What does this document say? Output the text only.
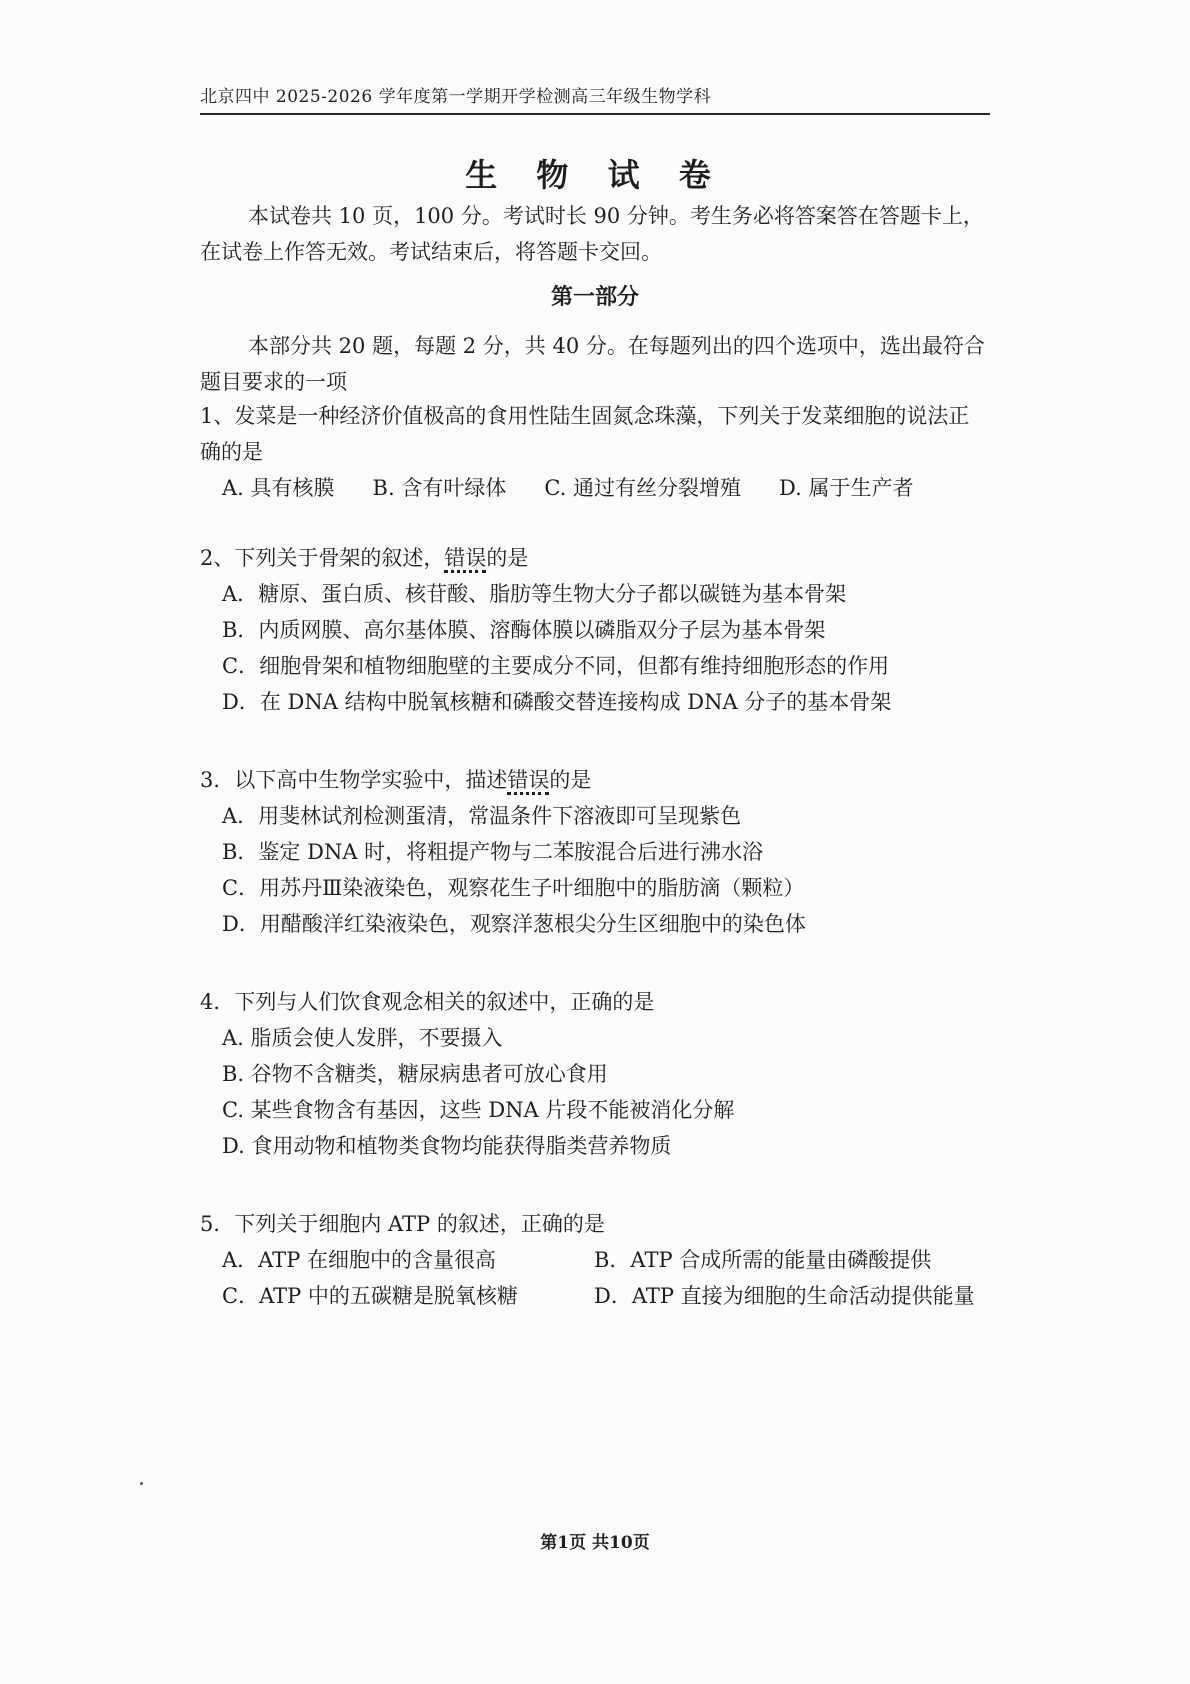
北京四中 2025-2026 学年度第一学期开学检测高三年级生物学科
生 物 试 卷
本试卷共 10 页，100 分。考试时长 90 分钟。考生务必将答案答在答题卡上，在试卷上作答无效。考试结束后，将答题卡交回。
第一部分
本部分共 20 题，每题 2 分，共 40 分。在每题列出的四个选项中，选出最符合题目要求的一项

1、发菜是一种经济价值极高的食用性陆生固氮念珠藻，下列关于发菜细胞的说法正确的是

A. 具有核膜 B. 含有叶绿体 C. 通过有丝分裂增殖 D. 属于生产者

2、下列关于骨架的叙述，错误的是

A．糖原、蛋白质、核苷酸、脂肪等生物大分子都以碳链为基本骨架
B．内质网膜、高尔基体膜、溶酶体膜以磷脂双分子层为基本骨架
C．细胞骨架和植物细胞壁的主要成分不同，但都有维持细胞形态的作用
D．在 DNA 结构中脱氧核糖和磷酸交替连接构成 DNA 分子的基本骨架

3．以下高中生物学实验中，描述错误的是

A．用斐林试剂检测蛋清，常温条件下溶液即可呈现紫色
B．鉴定 DNA 时，将粗提产物与二苯胺混合后进行沸水浴
C．用苏丹Ⅲ染液染色，观察花生子叶细胞中的脂肪滴（颗粒）
D．用醋酸洋红染液染色，观察洋葱根尖分生区细胞中的染色体

4．下列与人们饮食观念相关的叙述中，正确的是

A. 脂质会使人发胖，不要摄入
B. 谷物不含糖类，糖尿病患者可放心食用
C. 某些食物含有基因，这些 DNA 片段不能被消化分解
D. 食用动物和植物类食物均能获得脂类营养物质

5．下列关于细胞内 ATP 的叙述，正确的是

A．ATP 在细胞中的含量很高	B．ATP 合成所需的能量由磷酸提供
C．ATP 中的五碳糖是脱氧核糖	D．ATP 直接为细胞的生命活动提供能量
第1页 共10页
